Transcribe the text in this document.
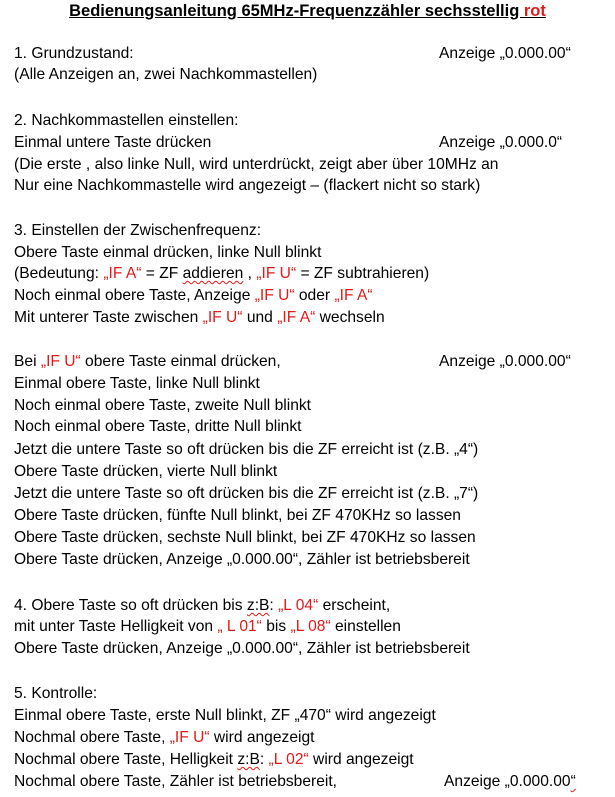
Bedienungsanleitung 65MHz-Frequenzzähler sechsstellig rot
1. Grundzustand:	Anzeige „0.000.00“
(Alle Anzeigen an, zwei Nachkommastellen)
2. Nachkommastellen einstellen:
Einmal untere Taste drücken	Anzeige „0.000.0“
(Die erste , also linke Null, wird unterdrückt, zeigt aber über 10MHz an
Nur eine Nachkommastelle wird angezeigt – (flackert nicht so stark)
3. Einstellen der Zwischenfrequenz:
Obere Taste einmal drücken, linke Null blinkt
(Bedeutung: „IF A“ = ZF addieren , „IF U“ = ZF subtrahieren)
Noch einmal obere Taste, Anzeige „IF U“ oder „IF A“
Mit unterer Taste zwischen „IF U“ und „IF A“ wechseln
Bei „IF U“ obere Taste einmal drücken,	Anzeige „0.000.00“
Einmal obere Taste, linke Null blinkt
Noch einmal obere Taste, zweite Null blinkt
Noch einmal obere Taste, dritte Null blinkt
Jetzt die untere Taste so oft drücken bis die ZF erreicht ist (z.B. „4“)
Obere Taste drücken, vierte Null blinkt
Jetzt die untere Taste so oft drücken bis die ZF erreicht ist (z.B. „7“)
Obere Taste drücken, fünfte Null blinkt, bei ZF 470KHz so lassen
Obere Taste drücken, sechste Null blinkt, bei ZF 470KHz so lassen
Obere Taste drücken, Anzeige „0.000.00“, Zähler ist betriebsbereit
4. Obere Taste so oft drücken bis z:B: „L 04“ erscheint,
mit unter Taste Helligkeit von „ L 01“ bis „L 08“ einstellen
Obere Taste drücken, Anzeige „0.000.00“, Zähler ist betriebsbereit
5. Kontrolle:
Einmal obere Taste, erste Null blinkt, ZF „470“ wird angezeigt
Nochmal obere Taste, „IF U“ wird angezeigt
Nochmal obere Taste, Helligkeit z:B: „L 02“ wird angezeigt
Nochmal obere Taste, Zähler ist betriebsbereit,	Anzeige „0.000.00“
